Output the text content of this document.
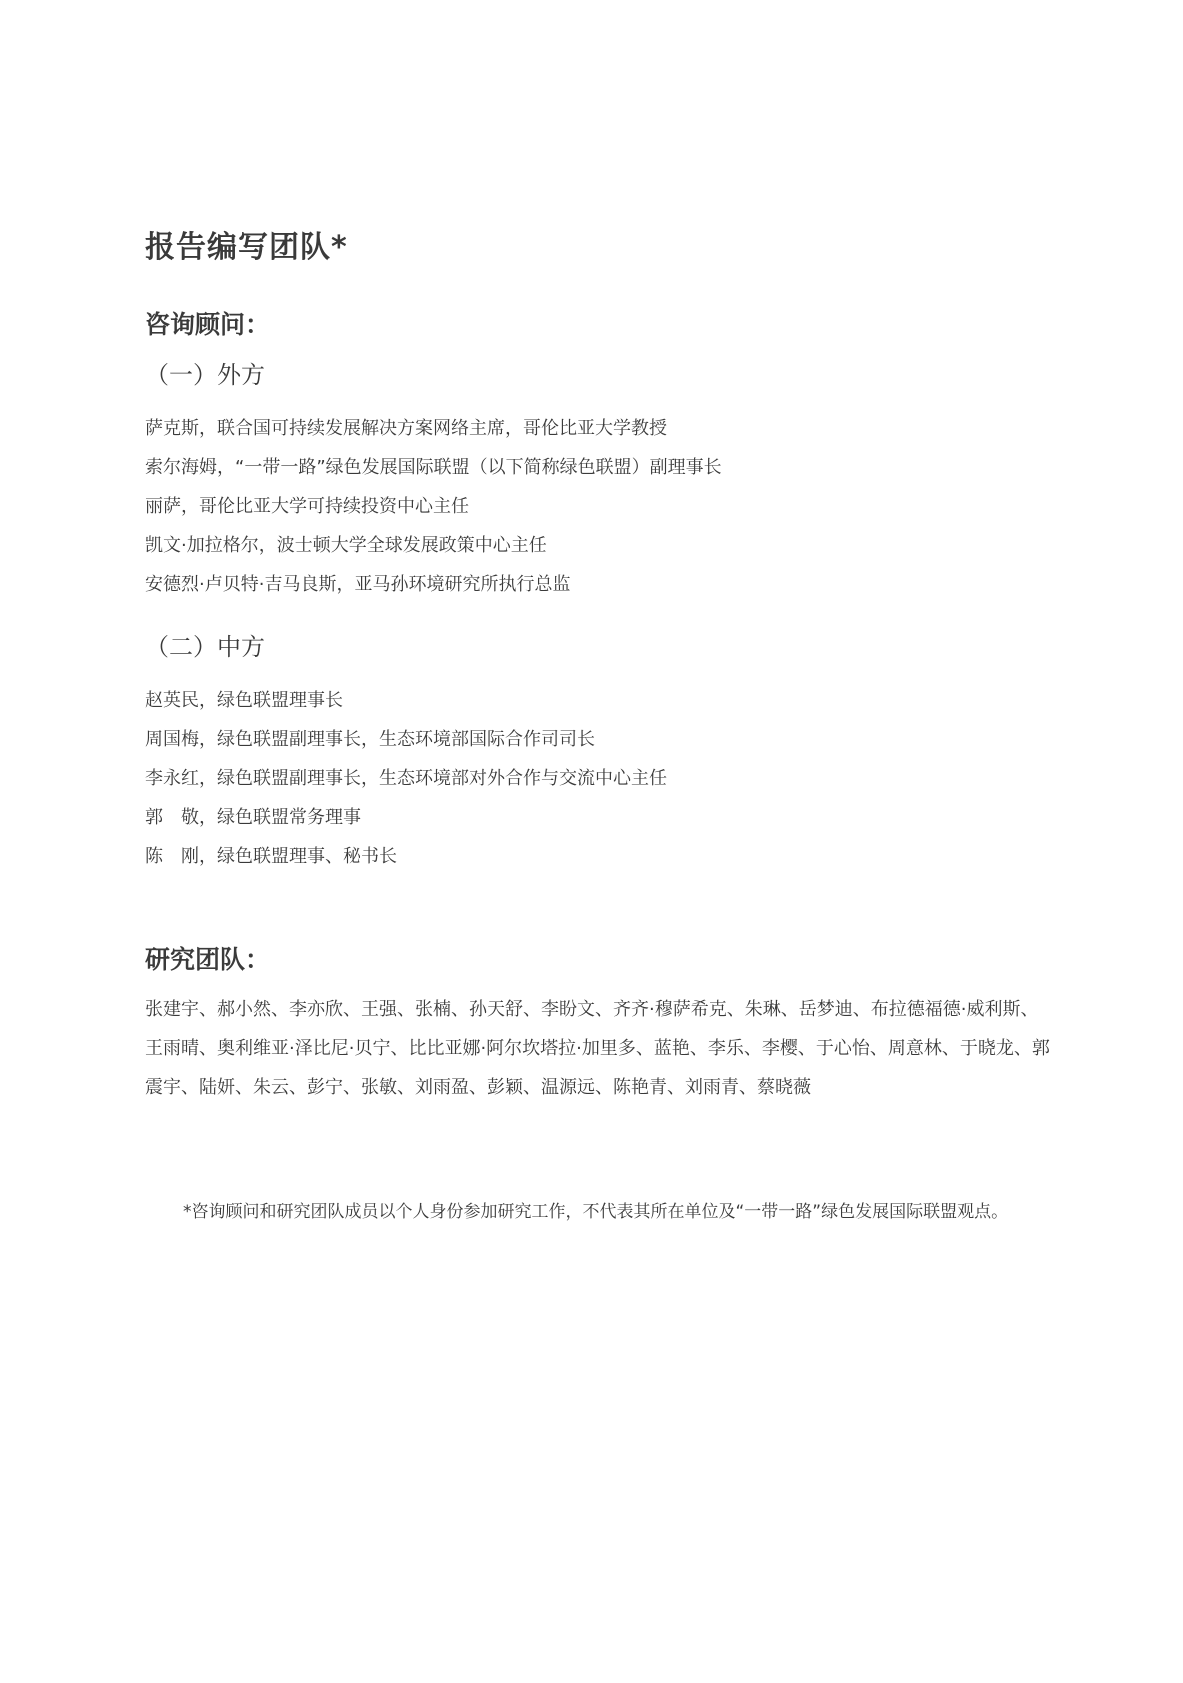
报告编写团队*
咨询顾问：
（一）外方
萨克斯，联合国可持续发展解决方案网络主席，哥伦比亚大学教授
索尔海姆，“一带一路”绿色发展国际联盟（以下简称绿色联盟）副理事长
丽萨，哥伦比亚大学可持续投资中心主任
凯文·加拉格尔，波士顿大学全球发展政策中心主任
安德烈·卢贝特·吉马良斯，亚马孙环境研究所执行总监
（二）中方
赵英民，绿色联盟理事长
周国梅，绿色联盟副理事长，生态环境部国际合作司司长
李永红，绿色联盟副理事长，生态环境部对外合作与交流中心主任
郭　敬，绿色联盟常务理事
陈　刚，绿色联盟理事、秘书长
研究团队：

张建宇、郝小然、李亦欣、王强、张楠、孙天舒、李盼文、齐齐·穆萨希克、朱琳、岳梦迪、布拉德福德·威利斯、王雨晴、奥利维亚·泽比尼·贝宁、比比亚娜·阿尔坎塔拉·加里多、蓝艳、李乐、李樱、于心怡、周意林、于晓龙、郭震宇、陆妍、朱云、彭宁、张敏、刘雨盈、彭颖、温源远、陈艳青、刘雨青、蔡晓薇

*咨询顾问和研究团队成员以个人身份参加研究工作，不代表其所在单位及“一带一路”绿色发展国际联盟观点。
